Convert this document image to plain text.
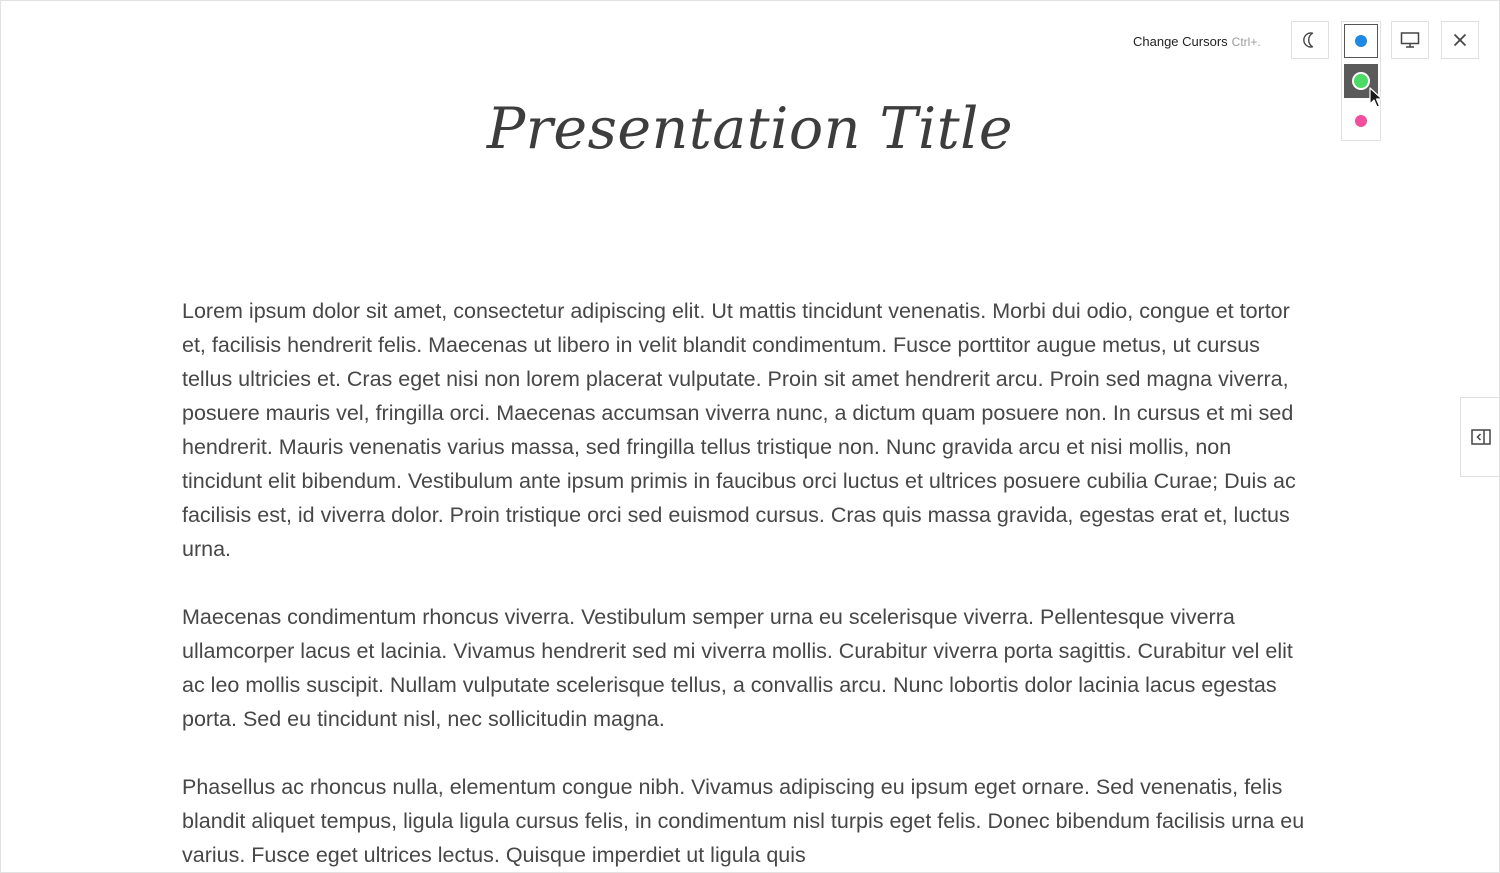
Change Cursors Ctrl+.
Presentation Title

Lorem ipsum dolor sit amet, consectetur adipiscing elit. Ut mattis tincidunt venenatis. Morbi dui odio, congue et tortor et, facilisis hendrerit felis. Maecenas ut libero in velit blandit condimentum. Fusce porttitor augue metus, ut cursus tellus ultricies et. Cras eget nisi non lorem placerat vulputate. Proin sit amet hendrerit arcu. Proin sed magna viverra, posuere mauris vel, fringilla orci. Maecenas accumsan viverra nunc, a dictum quam posuere non. In cursus et mi sed hendrerit. Mauris venenatis varius massa, sed fringilla tellus tristique non. Nunc gravida arcu et nisi mollis, non tincidunt elit bibendum. Vestibulum ante ipsum primis in faucibus orci luctus et ultrices posuere cubilia Curae; Duis ac facilisis est, id viverra dolor. Proin tristique orci sed euismod cursus. Cras quis massa gravida, egestas erat et, luctus urna.

Maecenas condimentum rhoncus viverra. Vestibulum semper urna eu scelerisque viverra. Pellentesque viverra ullamcorper lacus et lacinia. Vivamus hendrerit sed mi viverra mollis. Curabitur viverra porta sagittis. Curabitur vel elit ac leo mollis suscipit. Nullam vulputate scelerisque tellus, a convallis arcu. Nunc lobortis dolor lacinia lacus egestas porta. Sed eu tincidunt nisl, nec sollicitudin magna.

Phasellus ac rhoncus nulla, elementum congue nibh. Vivamus adipiscing eu ipsum eget ornare. Sed venenatis, felis blandit aliquet tempus, ligula ligula cursus felis, in condimentum nisl turpis eget felis. Donec bibendum facilisis urna eu varius. Fusce eget ultrices lectus. Quisque imperdiet ut ligula quis
